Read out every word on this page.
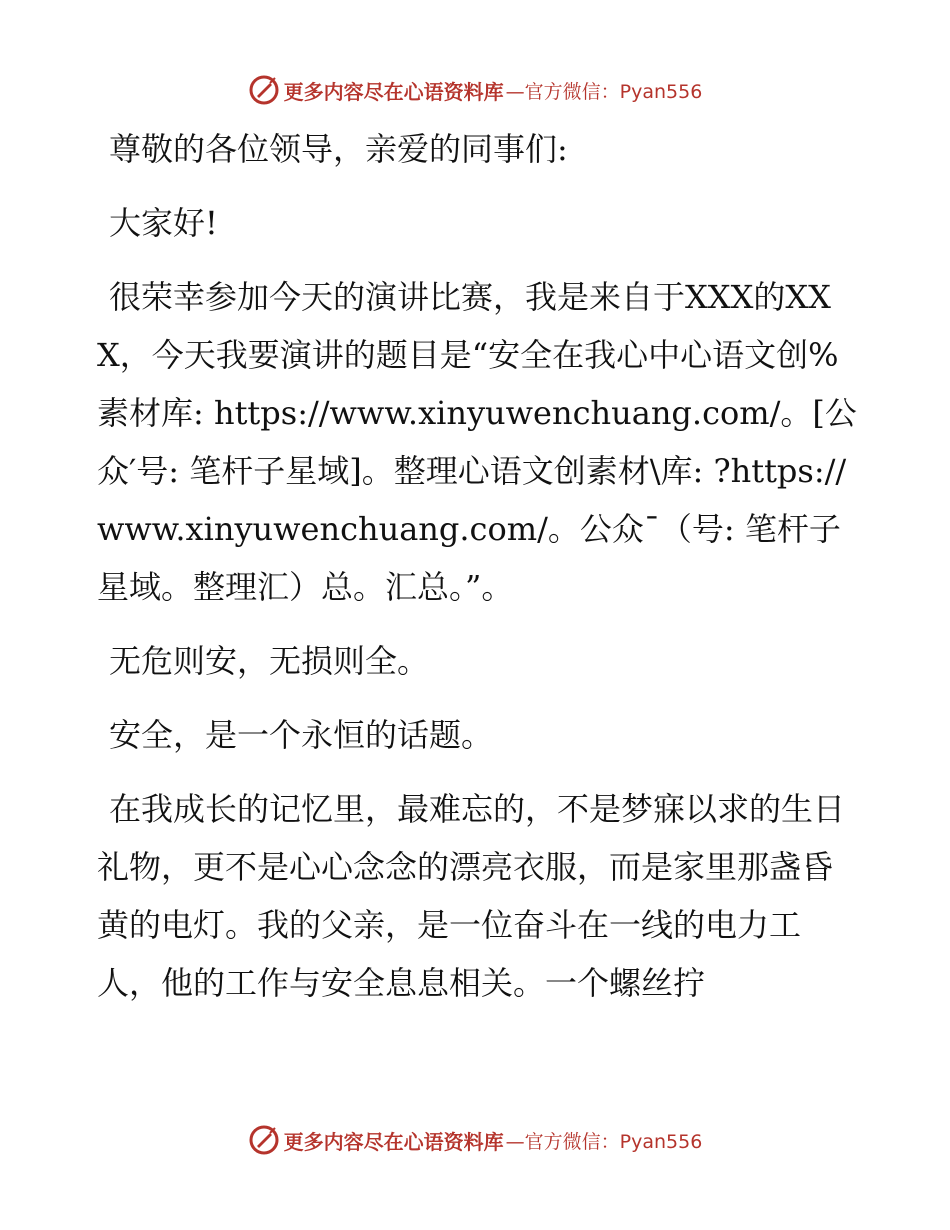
更多内容尽在心语资料库 —官方微信：Pyan556

尊敬的各位领导，亲爱的同事们:

大家好!

很荣幸参加今天的演讲比赛，我是来自于XXX的XXX，今天我要演讲的题目是“安全在我心中心语文创%素材库: https://www.xinyuwenchuang.com/。[公众′号: 笔杆子星域]。整理心语文创素材\库: ?https://www.xinyuwenchuang.com/。公众¯（号: 笔杆子星域。整理汇）总。汇总。”。

无危则安，无损则全。

安全，是一个永恒的话题。

在我成长的记忆里，最难忘的，不是梦寐以求的生日礼物，更不是心心念念的漂亮衣服，而是家里那盏昏黄的电灯。我的父亲，是一位奋斗在一线的电力工人，他的工作与安全息息相关。一个螺丝拧

更多内容尽在心语资料库 —官方微信：Pyan556
